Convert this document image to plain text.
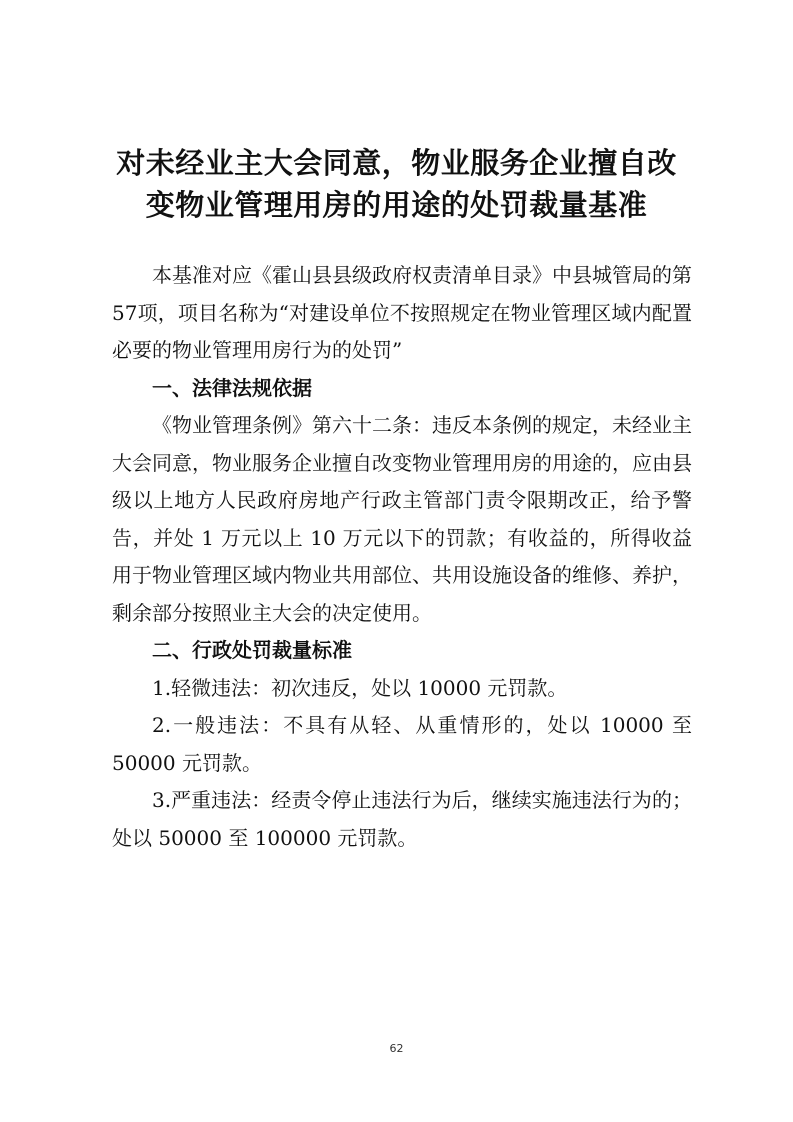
对未经业主大会同意，物业服务企业擅自改
变物业管理用房的用途的处罚裁量基准

本基准对应《霍山县县级政府权责清单目录》中县城管局的第 57项，项目名称为“对建设单位不按照规定在物业管理区域内配置必要的物业管理用房行为的处罚”

一、法律法规依据

《物业管理条例》第六十二条：违反本条例的规定，未经业主大会同意，物业服务企业擅自改变物业管理用房的用途的，应由县级以上地方人民政府房地产行政主管部门责令限期改正，给予警告，并处 1 万元以上 10 万元以下的罚款；有收益的，所得收益用于物业管理区域内物业共用部位、共用设施设备的维修、养护，剩余部分按照业主大会的决定使用。

二、行政处罚裁量标准

1.轻微违法：初次违反，处以 10000 元罚款。

2.一般违法：不具有从轻、从重情形的，处以 10000 至 50000 元罚款。

3.严重违法：经责令停止违法行为后，继续实施违法行为的；处以 50000 至 100000 元罚款。

62
